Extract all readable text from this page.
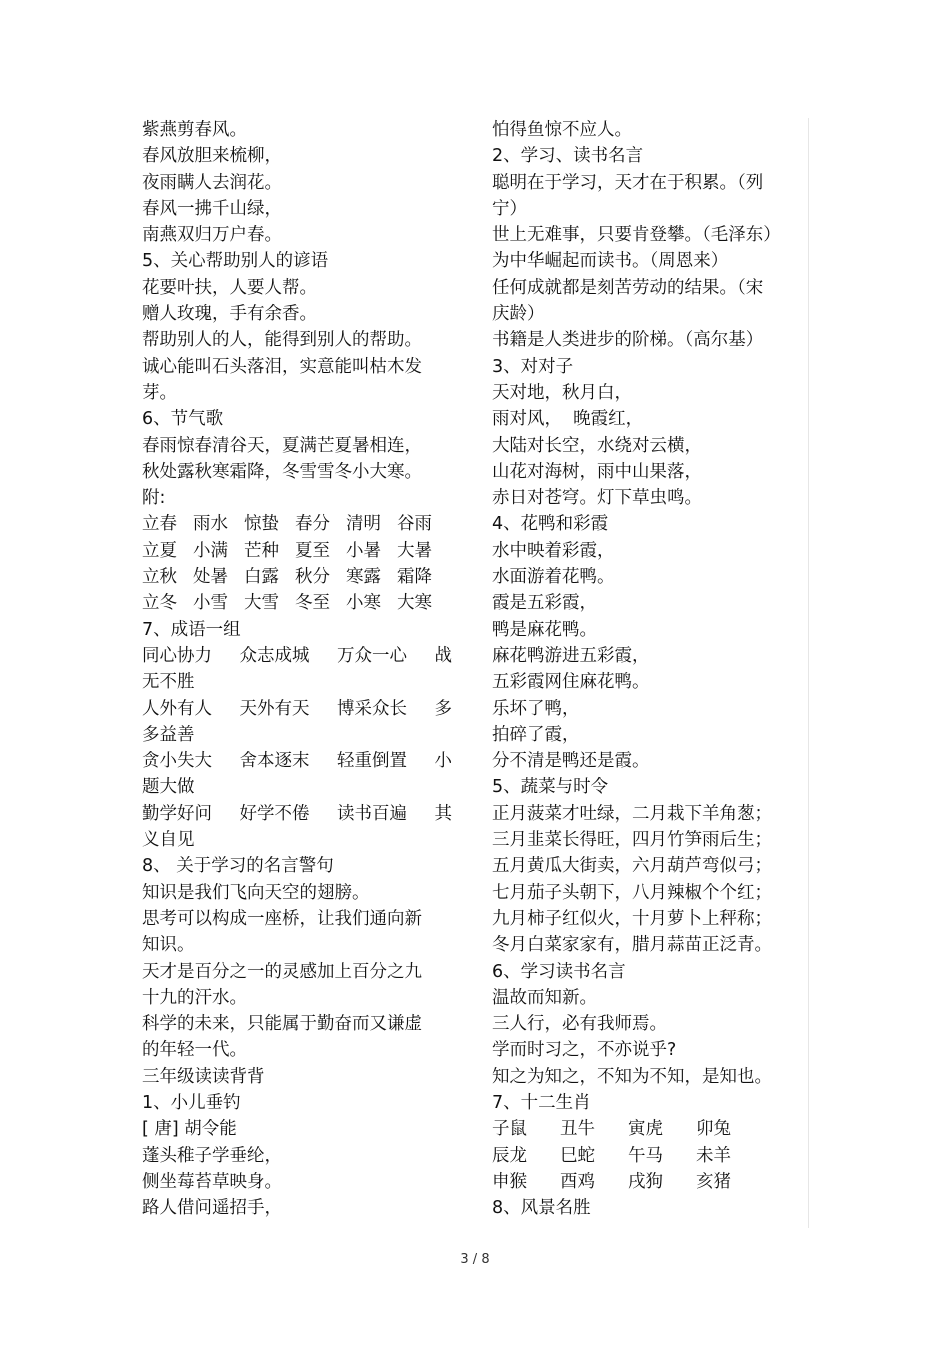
紫燕剪春风。
春风放胆来梳柳，
夜雨瞒人去润花。
春风一拂千山绿，
南燕双归万户春。
5、关心帮助别人的谚语
花要叶扶，人要人帮。
赠人玫瑰，手有余香。
帮助别人的人，能得到别人的帮助。
诚心能叫石头落泪，实意能叫枯木发
芽。
6、节气歌
春雨惊春清谷天，夏满芒夏暑相连，
秋处露秋寒霜降，冬雪雪冬小大寒。
附:
立春 雨水 惊蛰 春分 清明 谷雨
立夏 小满 芒种 夏至 小暑 大暑
立秋 处暑 白露 秋分 寒露 霜降
立冬 小雪 大雪 冬至 小寒 大寒
7、成语一组
同心协力 众志成城 万众一心 战
无不胜
人外有人 天外有天 博采众长 多
多益善
贪小失大 舍本逐末 轻重倒置 小
题大做
勤学好问 好学不倦 读书百遍 其
义自见
8、 关于学习的名言警句
知识是我们飞向天空的翅膀。
思考可以构成一座桥，让我们通向新
知识。
天才是百分之一的灵感加上百分之九
十九的汗水。
科学的未来，只能属于勤奋而又谦虚
的年轻一代。
三年级读读背背
1、小儿垂钓
[ 唐] 胡令能
蓬头稚子学垂纶，
侧坐莓苔草映身。
路人借问遥招手，
怕得鱼惊不应人。
2、学习、读书名言
聪明在于学习，天才在于积累。（列
宁）
世上无难事，只要肯登攀。（毛泽东）
为中华崛起而读书。（周恩来）
任何成就都是刻苦劳动的结果。（宋
庆龄）
书籍是人类进步的阶梯。（高尔基）
3、对对子
天对地，秋月白，
雨对风，  晚霞红，
大陆对长空，水绕对云横，
山花对海树，雨中山果落，
赤日对苍穹。灯下草虫鸣。
4、花鸭和彩霞
水中映着彩霞，
水面游着花鸭。
霞是五彩霞，
鸭是麻花鸭。
麻花鸭游进五彩霞，
五彩霞网住麻花鸭。
乐坏了鸭，
拍碎了霞，
分不清是鸭还是霞。
5、蔬菜与时令
正月菠菜才吐绿，二月栽下羊角葱；
三月韭菜长得旺，四月竹笋雨后生；
五月黄瓜大街卖，六月葫芦弯似弓；
七月茄子头朝下，八月辣椒个个红；
九月柿子红似火，十月萝卜上秤称；
冬月白菜家家有，腊月蒜苗正泛青。
6、学习读书名言
温故而知新。
三人行，必有我师焉。
学而时习之，不亦说乎?
知之为知之，不知为不知，是知也。
7、十二生肖
子鼠	丑牛	寅虎	卯兔
辰龙	巳蛇	午马	未羊
申猴	酉鸡	戌狗	亥猪
8、风景名胜
3 / 8
